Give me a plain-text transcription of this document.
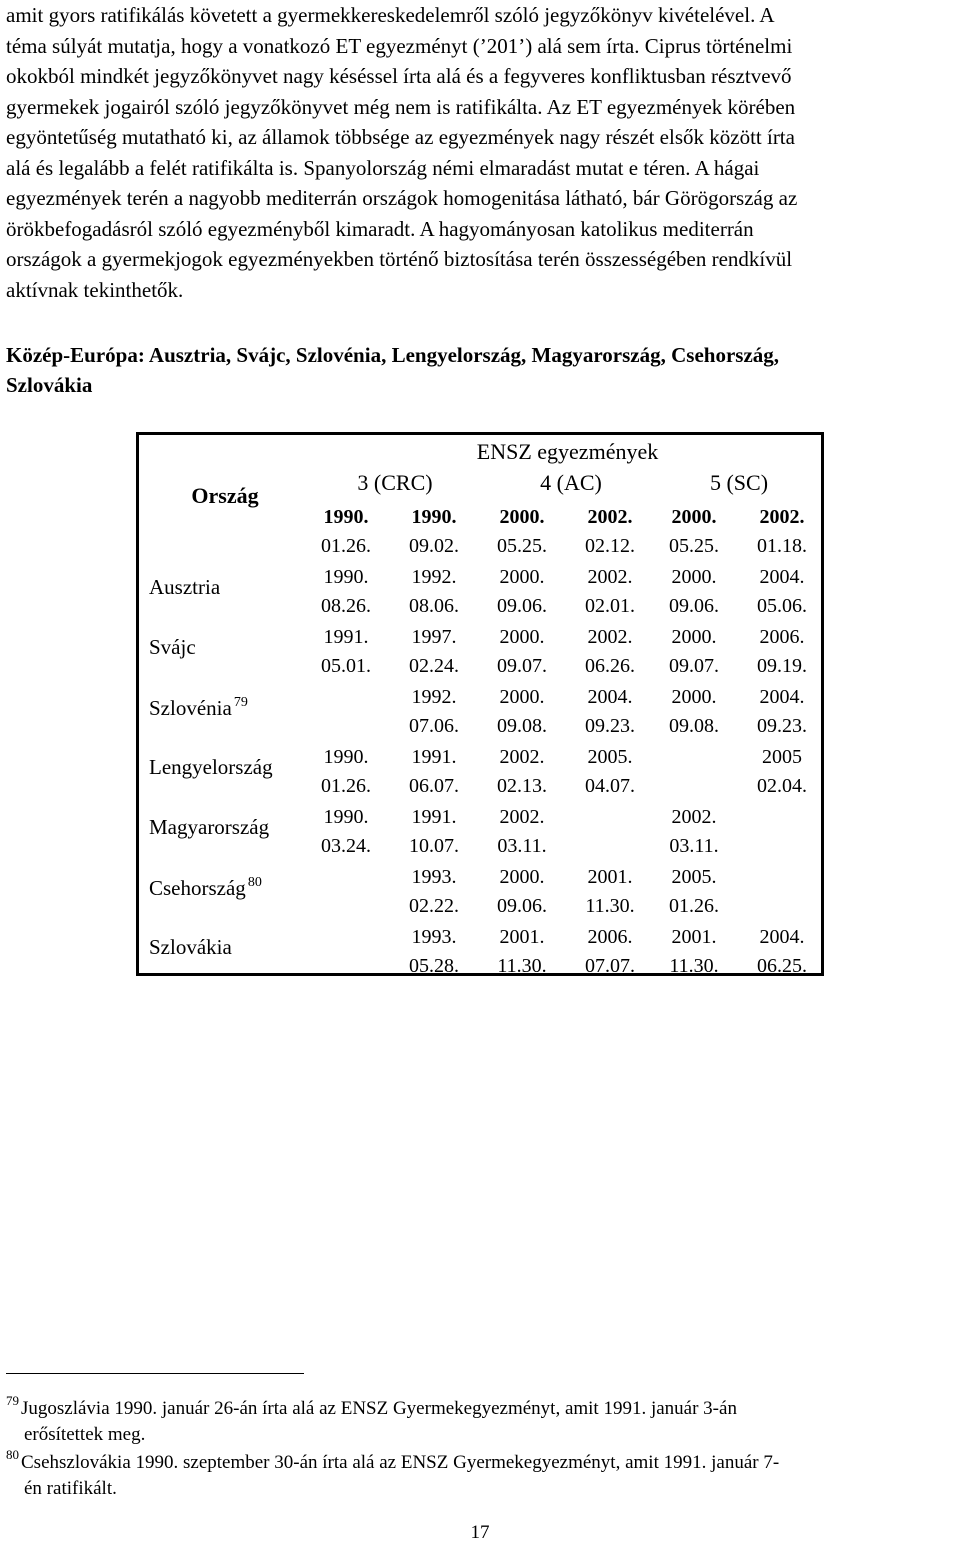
amit gyors ratifikálás követett a gyermekkereskedelemről szóló jegyzőkönyv kivételével. A
téma súlyát mutatja, hogy a vonatkozó ET egyezményt (’201’) alá sem írta. Ciprus történelmi
okokból mindkét jegyzőkönyvet nagy késéssel írta alá és a fegyveres konfliktusban résztvevő
gyermekek jogairól szóló jegyzőkönyvet még nem is ratifikálta. Az ET egyezmények körében
egyöntetűség mutatható ki, az államok többsége az egyezmények nagy részét elsők között írta
alá és legalább a felét ratifikálta is. Spanyolország némi elmaradást mutat e téren. A hágai
egyezmények terén a nagyobb mediterrán országok homogenitása látható, bár Görögország az
örökbefogadásról szóló egyezményből kimaradt. A hagyományosan katolikus mediterrán
országok a gyermekjogok egyezményekben történő biztosítása terén összességében rendkívül
aktívnak tekinthetők.
Közép-Európa: Ausztria, Svájc, Szlovénia, Lengyelország, Magyarország, Csehország,
Szlovákia
Ország
Ausztria
Svájc
Szlovénia $^{79}$
Lengyelország
Magyarország
Csehország $^{80}$
Szlovákia
ENSZ egyezmények
3 (CRC)	4 (AC)	5 (SC)
1990.
01.26.
1990.
09.02.
2000.
05.25.
2002.
02.12.
2000.
05.25.
2002.
01.18.
1990.
08.26.
1992.
08.06.
2000.
09.06.
2002.
02.01.
2000.
09.06.
2004.
05.06.
1991.
05.01.
1997.
02.24.
2000.
09.07.
2002.
06.26.
2000.
09.07.
2006.
09.19.
1992.
07.06.
2000.
09.08.
2004.
09.23.
2000.
09.08.
2004.
09.23.
1990.
01.26.
1991.
06.07.
2002.
02.13.
2005.
04.07.
2005
02.04.
1990.
03.24.
1991.
10.07.
2002.
03.11.
2002.
03.11.
1993.
02.22.
2000.
09.06.
2001.
11.30.
2005.
01.26.
1993.
05.28.
2001.
11.30.
2006.
07.07.
2001.
11.30.
2004.
06.25.
$^{79}$ Jugoszlávia 1990. január 26-án írta alá az ENSZ Gyermekegyezményt, amit 1991. január 3-án
erősítettek meg.
$^{80}$ Csehszlovákia 1990. szeptember 30-án írta alá az ENSZ Gyermekegyezményt, amit 1991. január 7-
én ratifikált.
17
